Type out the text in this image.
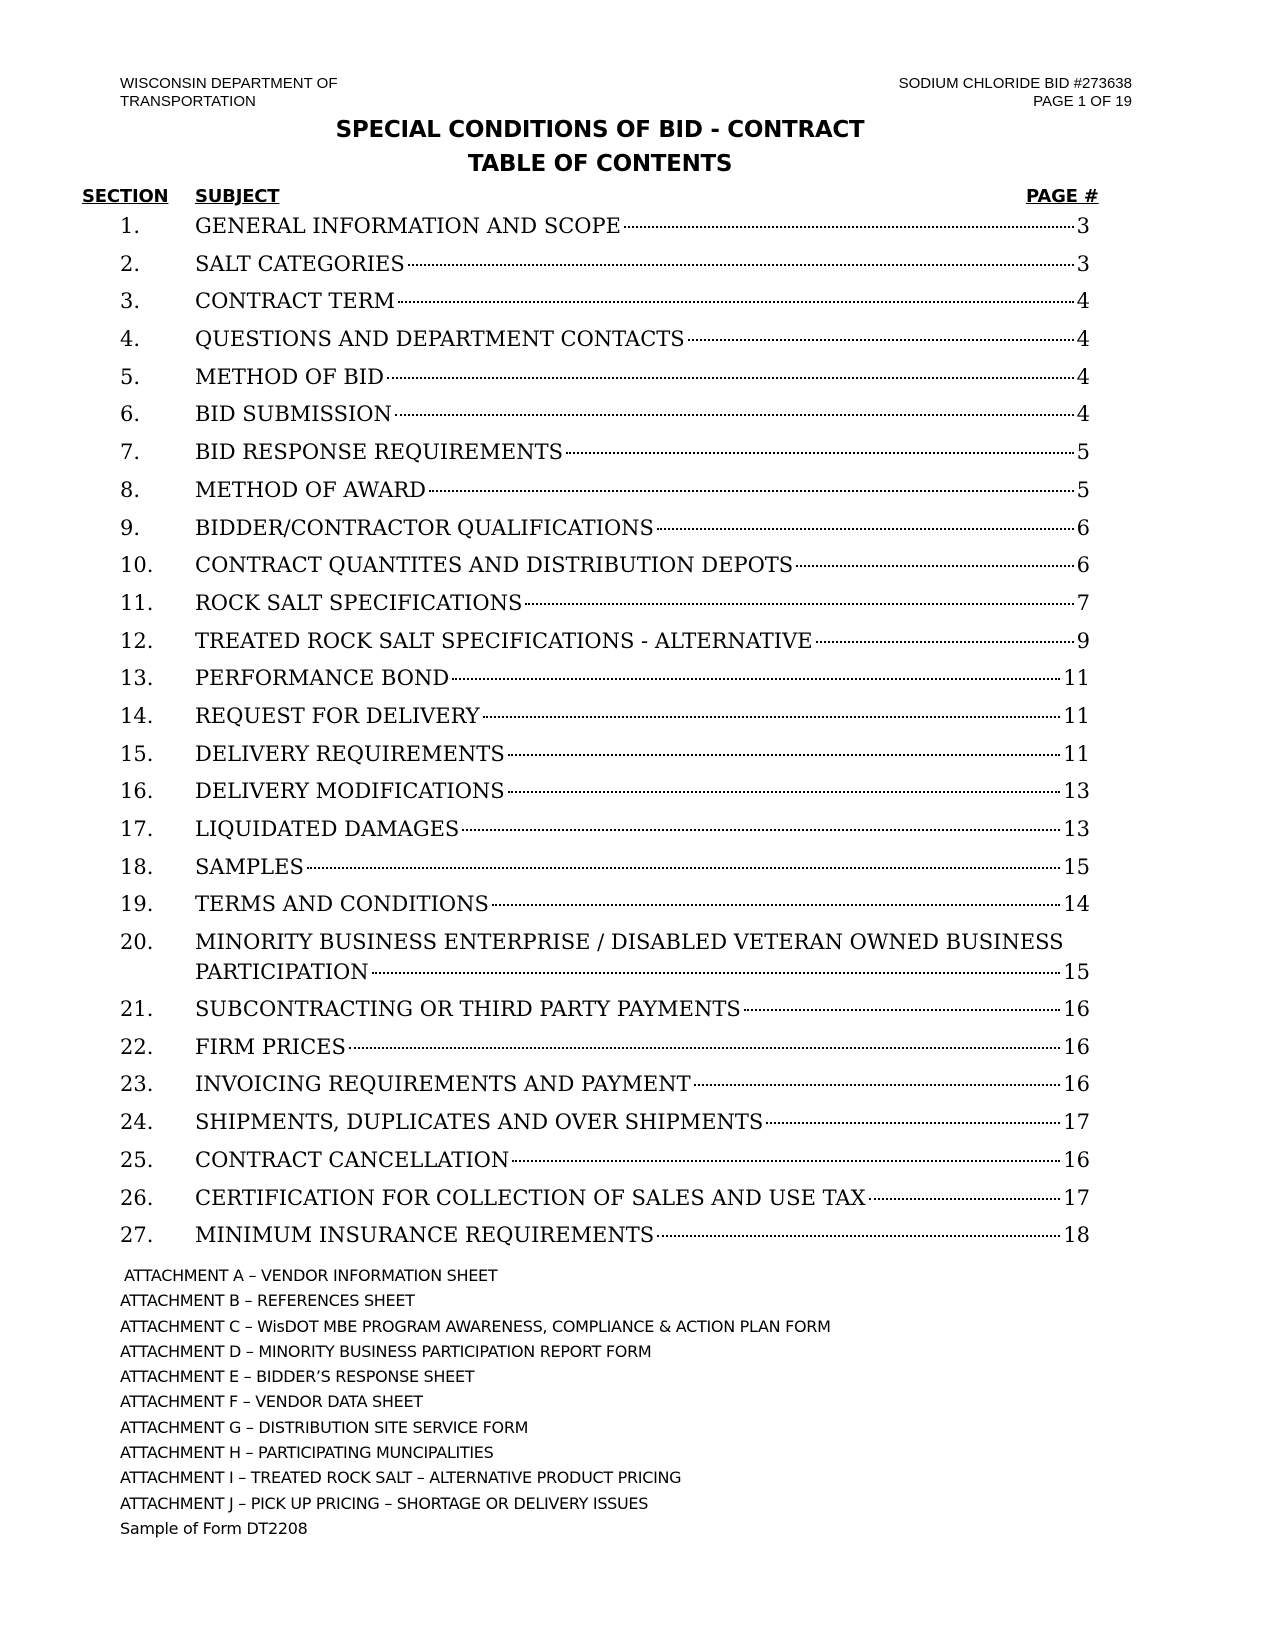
WISCONSIN DEPARTMENT OF
TRANSPORTATION
SODIUM CHLORIDE BID #273638
PAGE 1 OF 19
SPECIAL CONDITIONS OF BID - CONTRACT
TABLE OF CONTENTS
SECTION SUBJECT	PAGE #
1.	GENERAL INFORMATION AND SCOPE	3
2.	SALT CATEGORIES	3
3.	CONTRACT TERM	4
4.	QUESTIONS AND DEPARTMENT CONTACTS	4
5.	METHOD OF BID	4
6.	BID SUBMISSION	4
7.	BID RESPONSE REQUIREMENTS	5
8.	METHOD OF AWARD	5
9.	BIDDER/CONTRACTOR QUALIFICATIONS	6
10. CONTRACT QUANTITES AND DISTRIBUTION DEPOTS	6
11. ROCK SALT SPECIFICATIONS	7
12. TREATED ROCK SALT SPECIFICATIONS - ALTERNATIVE	9
13. PERFORMANCE BOND	11
14. REQUEST FOR DELIVERY	11
15. DELIVERY REQUIREMENTS	11
16. DELIVERY MODIFICATIONS	13
17. LIQUIDATED DAMAGES	13
18. SAMPLES	15
19. TERMS AND CONDITIONS	14
20. MINORITY BUSINESS ENTERPRISE / DISABLED VETERAN OWNED BUSINESS
PARTICIPATION	15
21. SUBCONTRACTING OR THIRD PARTY PAYMENTS	16
22. FIRM PRICES	16
23. INVOICING REQUIREMENTS AND PAYMENT	16
24. SHIPMENTS, DUPLICATES AND OVER SHIPMENTS	17
25. CONTRACT CANCELLATION	16
26. CERTIFICATION FOR COLLECTION OF SALES AND USE TAX	17
27. MINIMUM INSURANCE REQUIREMENTS	18
ATTACHMENT A – VENDOR INFORMATION SHEET
ATTACHMENT B – REFERENCES SHEET
ATTACHMENT C – WisDOT MBE PROGRAM AWARENESS, COMPLIANCE & ACTION PLAN FORM
ATTACHMENT D – MINORITY BUSINESS PARTICIPATION REPORT FORM
ATTACHMENT E – BIDDER’S RESPONSE SHEET
ATTACHMENT F – VENDOR DATA SHEET
ATTACHMENT G – DISTRIBUTION SITE SERVICE FORM
ATTACHMENT H – PARTICIPATING MUNCIPALITIES
ATTACHMENT I – TREATED ROCK SALT – ALTERNATIVE PRODUCT PRICING
ATTACHMENT J – PICK UP PRICING – SHORTAGE OR DELIVERY ISSUES
Sample of Form DT2208
